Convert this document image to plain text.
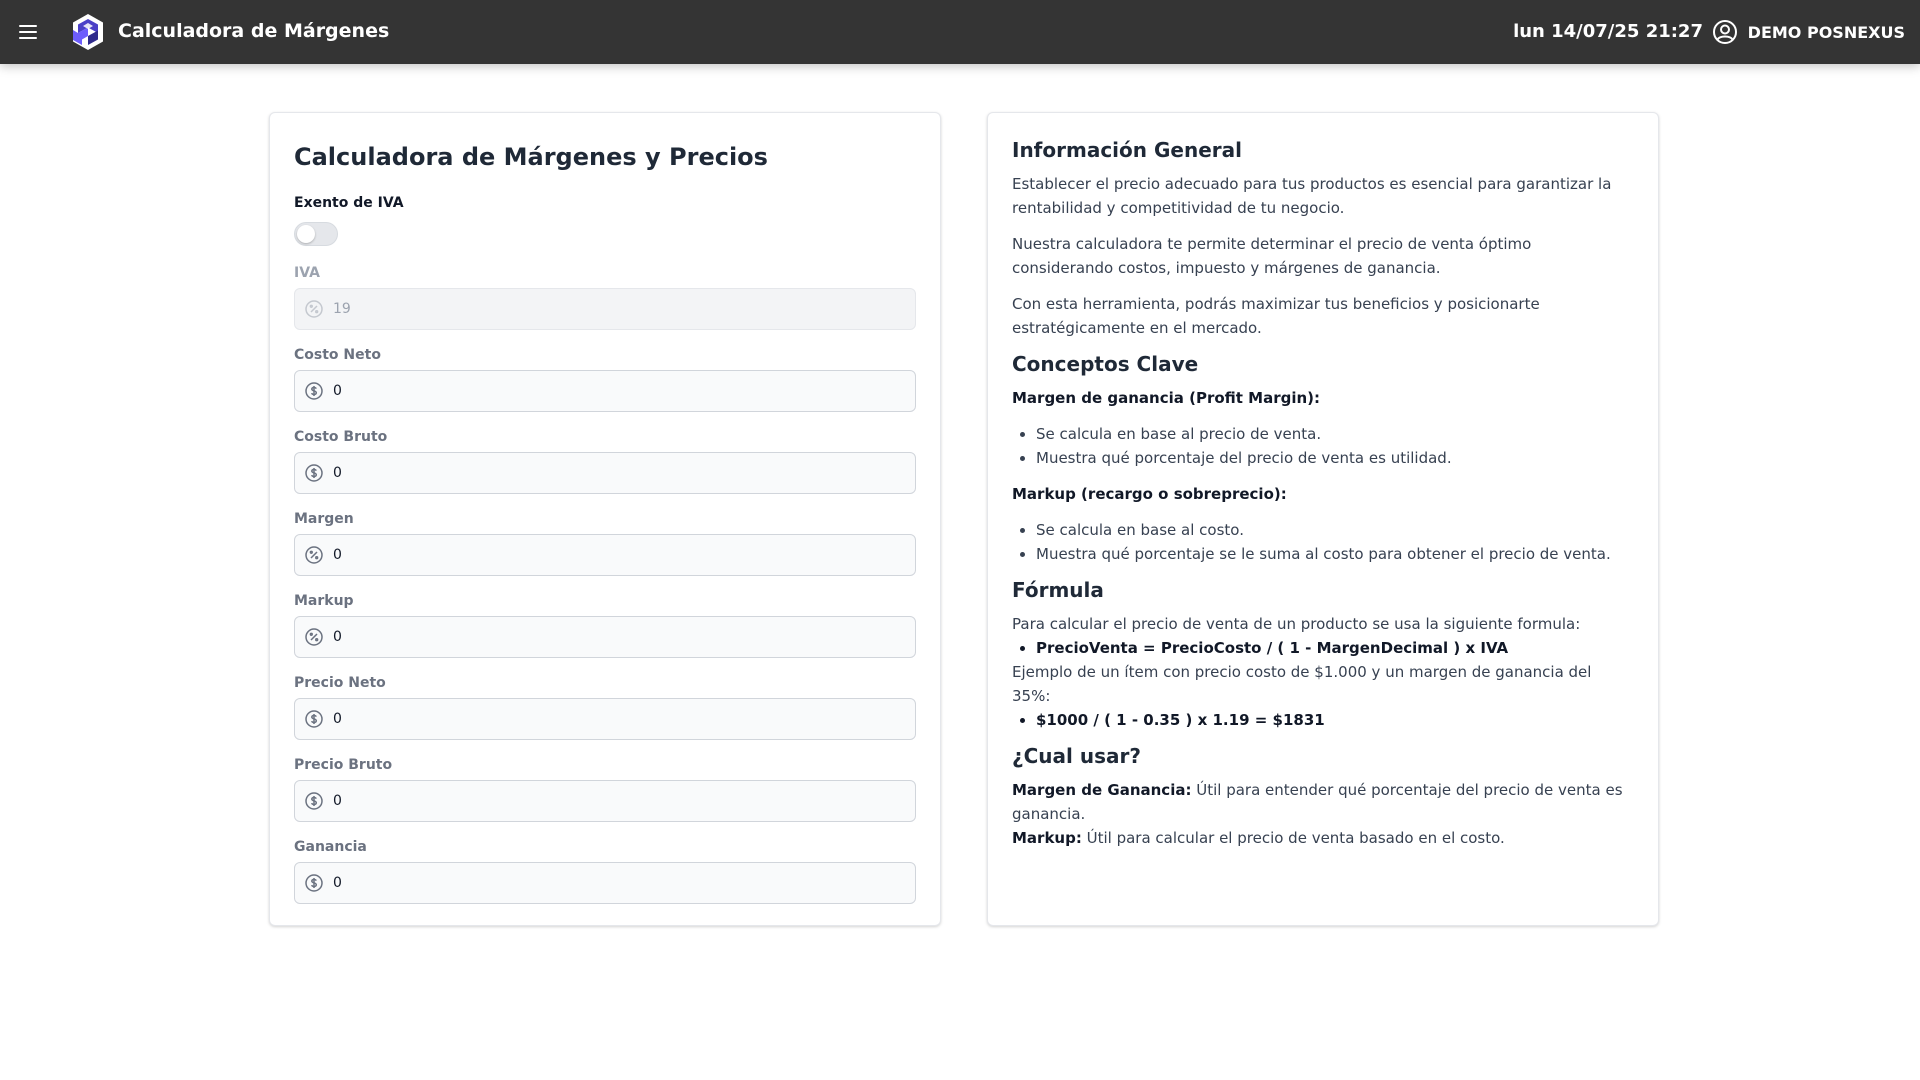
Calculadora de Márgenes	lun 14/07/25 21:27	DEMO POSNEXUS
Calculadora de Márgenes y Precios
Exento de IVA
IVA
19
Costo Neto
0
Costo Bruto
0
Margen
0
Markup
0
Precio Neto
0
Precio Bruto
0
Ganancia
0
Información General

Establecer el precio adecuado para tus productos es esencial para garantizar la rentabilidad y competitividad de tu negocio.

Nuestra calculadora te permite determinar el precio de venta óptimo considerando costos, impuesto y márgenes de ganancia.

Con esta herramienta, podrás maximizar tus beneficios y posicionarte estratégicamente en el mercado.

Conceptos Clave
Margen de ganancia (Profit Margin):
• Se calcula en base al precio de venta.
• Muestra qué porcentaje del precio de venta es utilidad.
Markup (recargo o sobreprecio):
• Se calcula en base al costo.
• Muestra qué porcentaje se le suma al costo para obtener el precio de venta.
Fórmula

Para calcular el precio de venta de un producto se usa la siguiente formula:

• PrecioVenta = PrecioCosto / ( 1 - MargenDecimal ) x IVA

Ejemplo de un ítem con precio costo de $1.000 y un margen de ganancia del 35%:

• $1000 / ( 1 - 0.35 ) x 1.19 = $1831
¿Cual usar?

Margen de Ganancia: Útil para entender qué porcentaje del precio de venta es ganancia.

Markup: Útil para calcular el precio de venta basado en el costo.
